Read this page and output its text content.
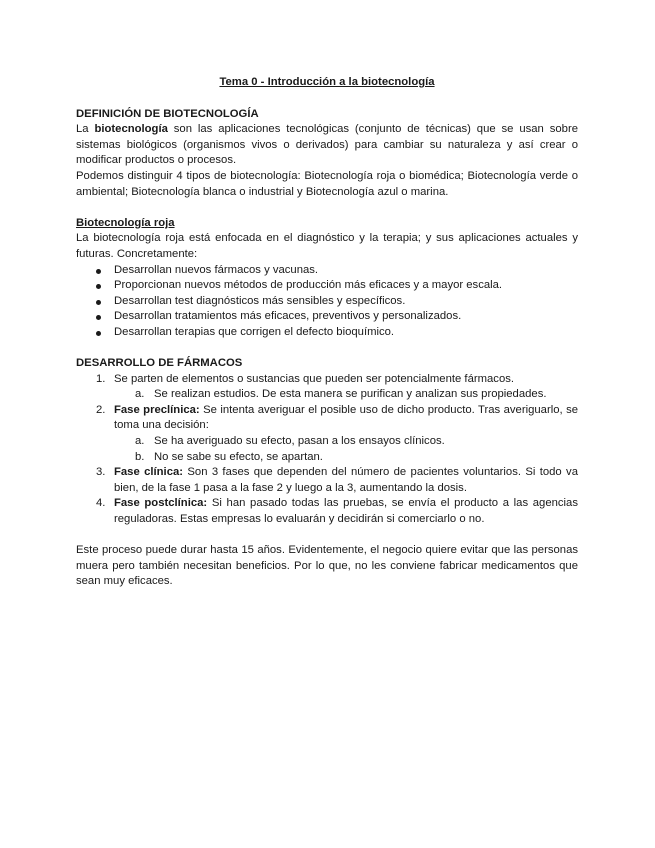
Tema 0 - Introducción a la biotecnología

DEFINICIÓN DE BIOTECNOLOGÍA

La biotecnología son las aplicaciones tecnológicas (conjunto de técnicas) que se usan sobre sistemas biológicos (organismos vivos o derivados) para cambiar su naturaleza y así crear o modificar productos o procesos.

Podemos distinguir 4 tipos de biotecnología: Biotecnología roja o biomédica; Biotecnología verde o ambiental; Biotecnología blanca o industrial y Biotecnología azul o marina.

Biotecnología roja

La biotecnología roja está enfocada en el diagnóstico y la terapia; y sus aplicaciones actuales y futuras. Concretamente:

Desarrollan nuevos fármacos y vacunas.
Proporcionan nuevos métodos de producción más eficaces y a mayor escala.
Desarrollan test diagnósticos más sensibles y específicos.
Desarrollan tratamientos más eficaces, preventivos y personalizados.
Desarrollan terapias que corrigen el defecto bioquímico.

DESARROLLO DE FÁRMACOS

1. Se parten de elementos o sustancias que pueden ser potencialmente fármacos.
a. Se realizan estudios. De esta manera se purifican y analizan sus propiedades.
2. Fase preclínica: Se intenta averiguar el posible uso de dicho producto. Tras averiguarlo, se toma una decisión:
a. Se ha averiguado su efecto, pasan a los ensayos clínicos.
b. No se sabe su efecto, se apartan.
3. Fase clínica: Son 3 fases que dependen del número de pacientes voluntarios. Si todo va bien, de la fase 1 pasa a la fase 2 y luego a la 3, aumentando la dosis.
4. Fase postclínica: Si han pasado todas las pruebas, se envía el producto a las agencias reguladoras. Estas empresas lo evaluarán y decidirán si comerciarlo o no.

Este proceso puede durar hasta 15 años. Evidentemente, el negocio quiere evitar que las personas muera pero también necesitan beneficios. Por lo que, no les conviene fabricar medicamentos que sean muy eficaces.
